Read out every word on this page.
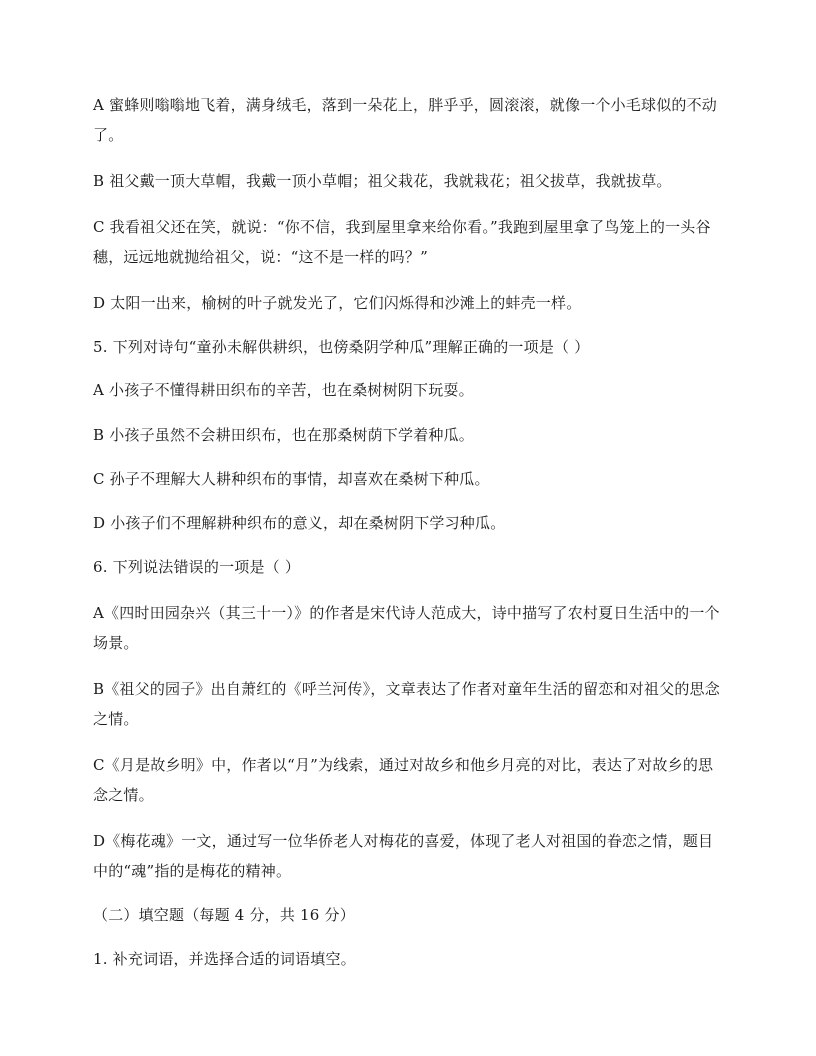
A 蜜蜂则嗡嗡地飞着，满身绒毛，落到一朵花上，胖乎乎，圆滚滚，就像一个小毛球似的不动了。

B 祖父戴一顶大草帽，我戴一顶小草帽；祖父栽花，我就栽花；祖父拔草，我就拔草。

C 我看祖父还在笑，就说：“你不信，我到屋里拿来给你看。”我跑到屋里拿了鸟笼上的一头谷穗，远远地就抛给祖父，说：“这不是一样的吗？”

D 太阳一出来，榆树的叶子就发光了，它们闪烁得和沙滩上的蚌壳一样。

5. 下列对诗句“童孙未解供耕织，也傍桑阴学种瓜”理解正确的一项是（ ）

A 小孩子不懂得耕田织布的辛苦，也在桑树树阴下玩耍。

B 小孩子虽然不会耕田织布，也在那桑树荫下学着种瓜。

C 孙子不理解大人耕种织布的事情，却喜欢在桑树下种瓜。

D 小孩子们不理解耕种织布的意义，却在桑树阴下学习种瓜。

6. 下列说法错误的一项是（ ）

A《四时田园杂兴（其三十一）》的作者是宋代诗人范成大，诗中描写了农村夏日生活中的一个场景。

B《祖父的园子》出自萧红的《呼兰河传》，文章表达了作者对童年生活的留恋和对祖父的思念之情。

C《月是故乡明》中，作者以“月”为线索，通过对故乡和他乡月亮的对比，表达了对故乡的思念之情。

D《梅花魂》一文，通过写一位华侨老人对梅花的喜爱，体现了老人对祖国的眷恋之情，题目中的“魂”指的是梅花的精神。

（二）填空题（每题 4 分，共 16 分）

1. 补充词语，并选择合适的词语填空。
